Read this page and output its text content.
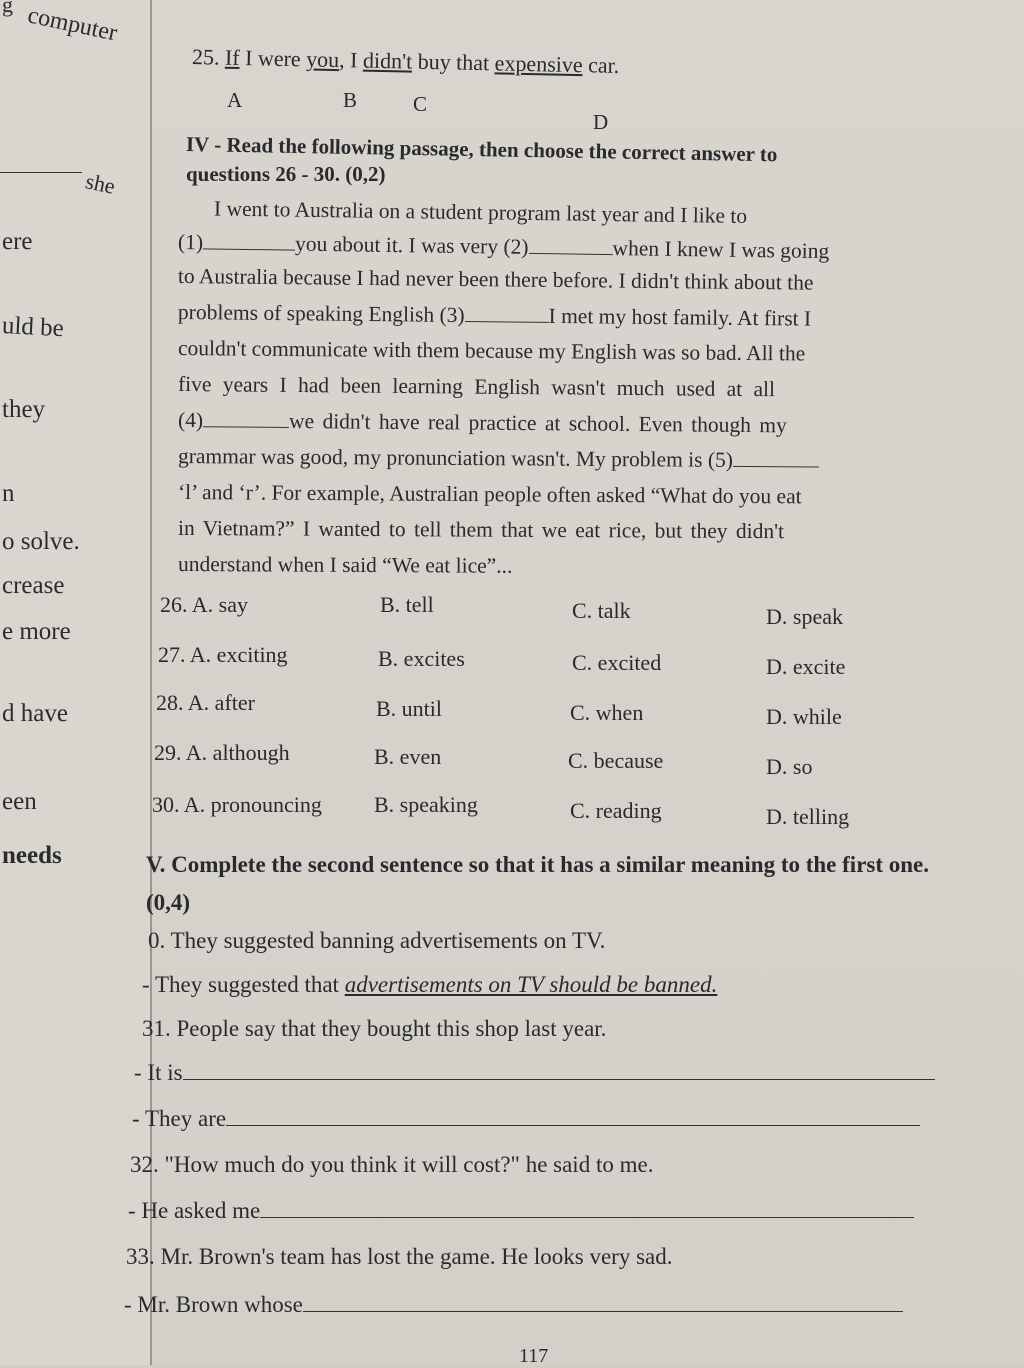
g computer
she
ere
uld be
they
n
o solve.
crease
e more
d have
een
needs
25. If I were you, I didn't buy that expensive car.
A	B	C
D
IV - Read the following passage, then choose the correct answer to
questions 26 - 30. (0,2)
I went to Australia on a student program last year and I like to
(1)	you about it. I was very (2)	when I knew I was going
to Australia because I had never been there before. I didn't think about the
problems of speaking English (3)	I met my host family. At first I
couldn't communicate with them because my English was so bad. All the
five years I had been learning English wasn't much used at all
(4)	we didn't have real practice at school. Even though my
grammar was good, my pronunciation wasn't. My problem is (5)
‘l’ and ‘r’. For example, Australian people often asked “What do you eat
in Vietnam?” I wanted to tell them that we eat rice, but they didn't
understand when I said “We eat lice”...
26. A. say	B. tell	C. talk	D. speak
27. A. exciting	B. excites	C. excited	D. excite
28. A. after	B. until	C. when	D. while
29. A. although	B. even	C. because	D. so
30. A. pronouncing B. speaking	C. reading	D. telling
V. Complete the second sentence so that it has a similar meaning to the first one. (0,4)
0. They suggested banning advertisements on TV.
- They suggested that advertisements on TV should be banned.
31. People say that they bought this shop last year.
- It is
- They are
32. "How much do you think it will cost?" he said to me.
- He asked me
33. Mr. Brown's team has lost the game. He looks very sad.
- Mr. Brown whose
117
